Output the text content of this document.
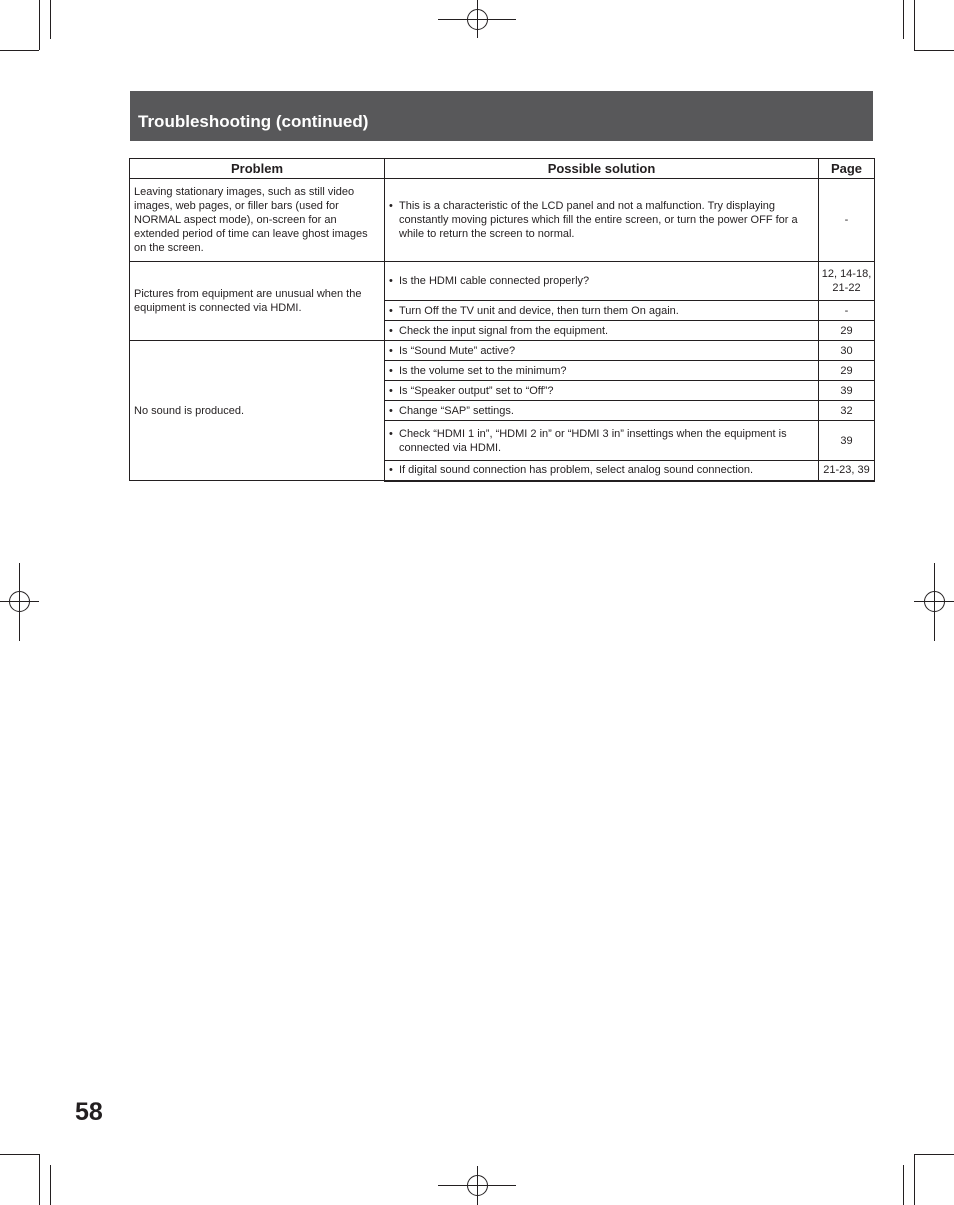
Troubleshooting (continued)
Problem	Possible solution	Page
Leaving stationary images, such as still video images, web pages, or filler bars (used for NORMAL aspect mode), on-screen for an extended period of time can leave ghost images on the screen.	• This is a characteristic of the LCD panel and not a malfunction. Try displaying constantly moving pictures which fill the entire screen, or turn the power OFF for a while to return the screen to normal.	-
Pictures from equipment are unusual when the equipment is connected via HDMI.	• Is the HDMI cable connected properly?	12, 14-18, 21-22

	• Turn Off the TV unit and device, then turn them On again.	-

	• Check the input signal from the equipment.	29
No sound is produced.	• Is “Sound Mute” active?	30

	• Is the volume set to the minimum?	29

	• Is “Speaker output” set to “Off”?	39

	• Change “SAP” settings.	32

	• Check “HDMI 1 in”, “HDMI 2 in” or “HDMI 3 in” insettings when the equipment is connected via HDMI.	39

	• If digital sound connection has problem, select analog sound connection.	21-23, 39
58
